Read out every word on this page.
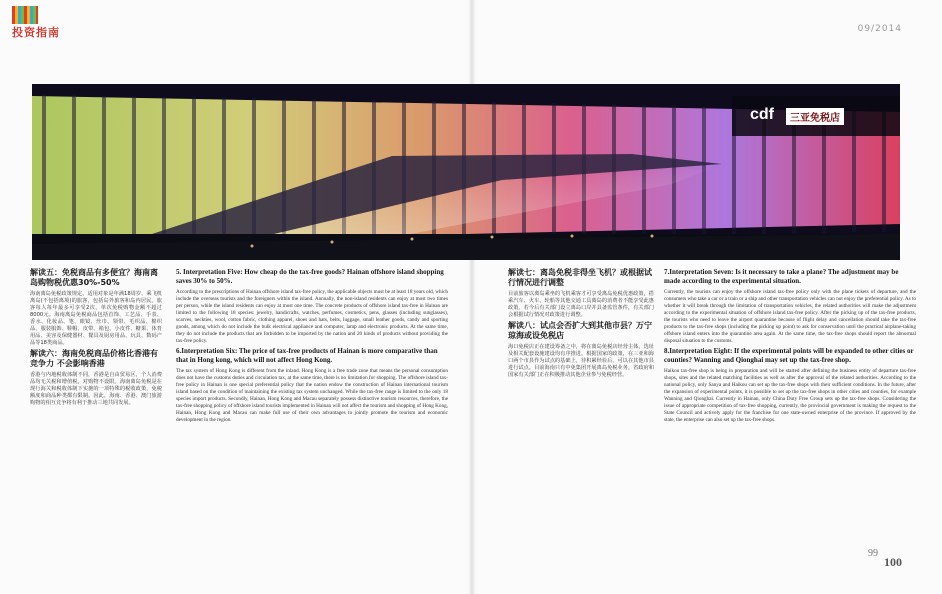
投资指南	09/2014
cdf	三亚免税店
解读五：免税商品有多便宜？海南离岛购物税优惠30%-50%

海南离岛免税政策规定，适用对象是年满18周岁、乘飞机离岛(不包括离境)的旅客，包括岛外旅客和岛内居民。旅客每人每年最多可享受2次，单次免税购物金额不超过8000元。海南离岛免税商品包括首饰、工艺品、手表、香水、化妆品、笔、眼镜、丝巾、领带、毛织品、棉织品、服装服饰、鞋帽、皮带、箱包、小皮件、糖果、体育用品、美容及保健器材、餐具及厨房用品、玩具、数码产品等18类商品。

解读六：海南免税商品价格比香港有竞争力 不会影响香港

香港与内地税收体制不同，香港是自由贸易区，个人消费品均无关税和增值税，对购物不设限。海南离岛免税是在现行海关和税收体制下实施的一项特殊的税收政策，免税额度和商品种类都有限制。因此，海南、香港、澳门旅游购物的相互竞争将有利于推动三地共同发展。

5. Interpretation Five: How cheap do the tax-free goods? Hainan offshore island shopping saves 30% to 50%.

According to the prescriptions of Hainan offshore island tax-free policy, the applicable objects must be at least 18 years old, which include the overseas tourists and the foreigners within the island. Annually, the non-island residents can enjoy at most two times per person, while the island residents can enjoy at most one time. The concrete products of offshore island tax-free in Hainan are limited to the following 18 species: jewelry, handicrafts, watches, perfumes, cosmetics, pens, glasses (including sunglasses), scarves, neckties, wool, cotton fabric, clothing apparel, shoes and hats, belts, luggage, small leather goods, candy and sporting goods, among which do not include the bulk electrical appliance and computer, lamp and electronic products. At the same time, they do not include the products that are forbidden to be imported by the nation and 20 kinds of products without providing the tax-free policy.

6.Interpretation Six: The price of tax-free products of Hainan is more comparative than that in Hong kong, which will not affect Hong Kong.

The tax system of Hong Kong is different from the inland. Hong Kong is a free trade zone that means the personal consumption does not have the customs duties and circulation tax, at the same time, there is no limitation for shopping. The offshore island tax-free policy in Hainan is one special preferential policy that the nation endow the construction of Hainan international tourism island based on the condition of maintaining the existing tax system unchanged. While the tax-free range is limited to the only 18 species import products. Secondly, Hainan, Hong Kong and Macau separately possess distinctive tourism resources, therefore, the tax-free shopping policy of offshore island tourists implemented in Hainan will not affect the tourism and shopping of Hong Kong, Hainan, Hong Kong and Macau can make full use of their own advantages to jointly promote the tourism and economic development in the region.

解读七：离岛免税非得坐飞机？或根据试行情况进行调整

目前旅客以离岛乘坐的飞机乘客才可享受离岛免税优惠政策，搭乘汽车、火车、轮船等其他交通工具离岛的消费者不能享受此惠政策。若今后有关部门设立离岛口岸并具备监管条件，有关部门会根据试行情况对政策进行调整。

解读八：试点会否扩大到其他市县？万宁琼海或设免税店

海口免税店正在建设筹备之中，将在离岛免税店经营主体，选址及相关配套设施建设均有序推进。根据国家的政策，在三亚和海口两个市县作为试点的基础上，待积累经验后，可以在其他市县进行试点。目前海南只有中免集团开展离岛免税业务，省政府和国家有关部门正在积极推动其他企业参与免税经营。

7.Interpretation Seven: Is it necessary to take a plane? The adjustment may be made according to the experimental situation.

Currently, the tourists can enjoy the offshore island tax-free policy only with the plane tickets of departure, and the consumers who take a car or a train or a ship and other transportation vehicles can not enjoy the preferential policy. As to whether it will break through the limitation of transportation vehicles, the related authorities will make the adjustment according to the experimental situation of offshore island tax-free policy. After the picking up of the tax-free products, the tourists who need to leave the airport quarantine because of flight delay and cancellation should take the tax-free products to the tax-free shops (including the picking up point) to ask for conservation until the practical airplane-taking offshore island enters into the quarantine area again. At the same time, the tax-free shops should report the abnormal disposal situation to the customs.

8.Interpretation Eight: If the experimental points will be expanded to other cities or counties? Wanning and Qionghai may set up the tax-free shop.

Haikou tax-free shop is being in preparation and will be started after defining the business entity of departure tax-free shops, sites and the related matching facilities as well as after the approval of the related authorities. According to the national policy, only Sanya and Haikou can set up the tax-free shops with their sufficient conditions. In the future, after the expansion of experimental points, it is possible to set up the tax-free shops in other cities and counties, for example Wanning and Qionghai. Currently in Hainan, only China Duty Free Group sets up the tax-free shops. Considering the issue of appropriate competition of tax-free shopping, currently, the provincial government is making the request to the State Council and actively apply for the franchise for one state-owned enterprise of the province. If approved by the state, the enterprise can also set up the tax-free shops.

99
100
